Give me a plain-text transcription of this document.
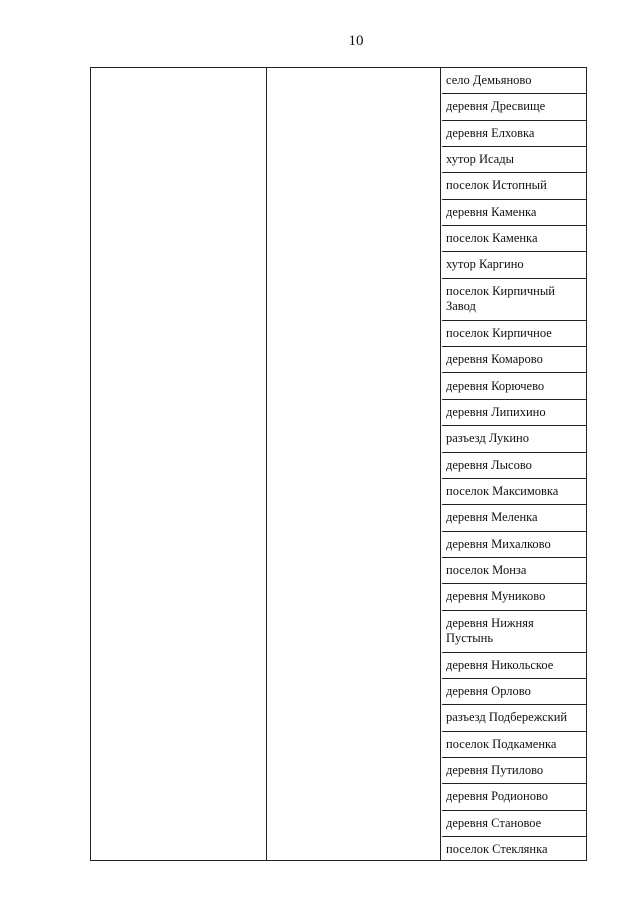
10
село Демьяново
деревня Дресвище
деревня Елховка
хутор Исады
поселок Истопный
деревня Каменка
поселок Каменка
хутор Каргино
поселок Кирпичный Завод
поселок Кирпичное
деревня Комарово
деревня Корючево
деревня Липихино
разъезд Лукино
деревня Лысово
поселок Максимовка
деревня Меленка
деревня Михалково
поселок Монза
деревня Муниково
деревня Нижняя Пустынь
деревня Никольское
деревня Орлово
разъезд Подбережский
поселок Подкаменка
деревня Путилово
деревня Родионово
деревня Становое
поселок Стеклянка
